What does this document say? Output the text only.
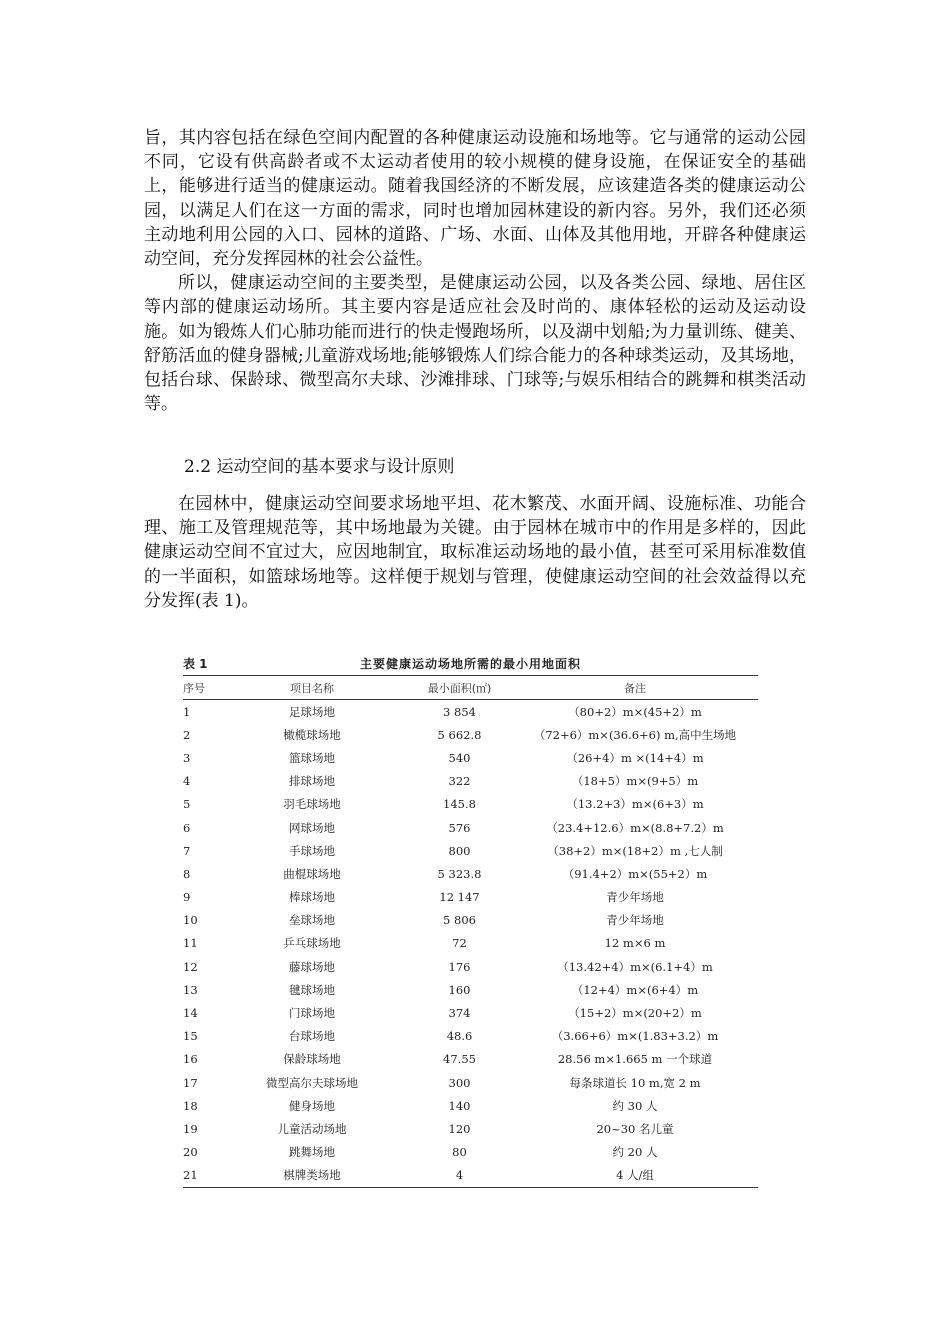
旨，其内容包括在绿色空间内配置的各种健康运动设施和场地等。它与通常的运动公园不同，它设有供高龄者或不太运动者使用的较小规模的健身设施，在保证安全的基础上，能够进行适当的健康运动。随着我国经济的不断发展，应该建造各类的健康运动公园，以满足人们在这一方面的需求，同时也增加园林建设的新内容。另外，我们还必须主动地利用公园的入口、园林的道路、广场、水面、山体及其他用地，开辟各种健康运动空间，充分发挥园林的社会公益性。

所以，健康运动空间的主要类型，是健康运动公园，以及各类公园、绿地、居住区等内部的健康运动场所。其主要内容是适应社会及时尚的、康体轻松的运动及运动设施。如为锻炼人们心肺功能而进行的快走慢跑场所，以及湖中划船;为力量训练、健美、舒筋活血的健身器械;儿童游戏场地;能够锻炼人们综合能力的各种球类运动，及其场地，包括台球、保龄球、微型高尔夫球、沙滩排球、门球等;与娱乐相结合的跳舞和棋类活动等。

2.2 运动空间的基本要求与设计原则

在园林中，健康运动空间要求场地平坦、花木繁茂、水面开阔、设施标准、功能合理、施工及管理规范等，其中场地最为关键。由于园林在城市中的作用是多样的，因此健康运动空间不宜过大，应因地制宜，取标准运动场地的最小值，甚至可采用标准数值的一半面积，如篮球场地等。这样便于规划与管理，使健康运动空间的社会效益得以充分发挥(表 1)。

表 1	主要健康运动场地所需的最小用地面积
序号	项目名称	最小面积(㎡)	备注
1	足球场地	3 854	（80+2）m×(45+2）m
2	橄榄球场地	5 662.8	（72+6）m×(36.6+6) m,高中生场地
3	篮球场地	540	（26+4）m ×(14+4）m
4	排球场地	322	（18+5）m×(9+5）m
5	羽毛球场地	145.8	（13.2+3）m×(6+3）m
6	网球场地	576	（23.4+12.6）m×(8.8+7.2）m
7	手球场地	800	（38+2）m×(18+2）m ,七人制
8	曲棍球场地	5 323.8	（91.4+2）m×(55+2）m
9	棒球场地	12 147	青少年场地
10	垒球场地	5 806	青少年场地
11	乒乓球场地	72	12 m×6 m
12	藤球场地	176	（13.42+4）m×(6.1+4）m
13	毽球场地	160	（12+4）m×(6+4）m
14	门球场地	374	（15+2）m×(20+2）m
15	台球场地	48.6	（3.66+6）m×(1.83+3.2）m
16	保龄球场地	47.55	28.56 m×1.665 m 一个球道
17	微型高尔夫球场地	300	每条球道长 10 m,宽 2 m
18	健身场地	140	约 30 人
19	儿童活动场地	120	20~30 名儿童
20	跳舞场地	80	约 20 人
21	棋牌类场地	4	4 人/组
